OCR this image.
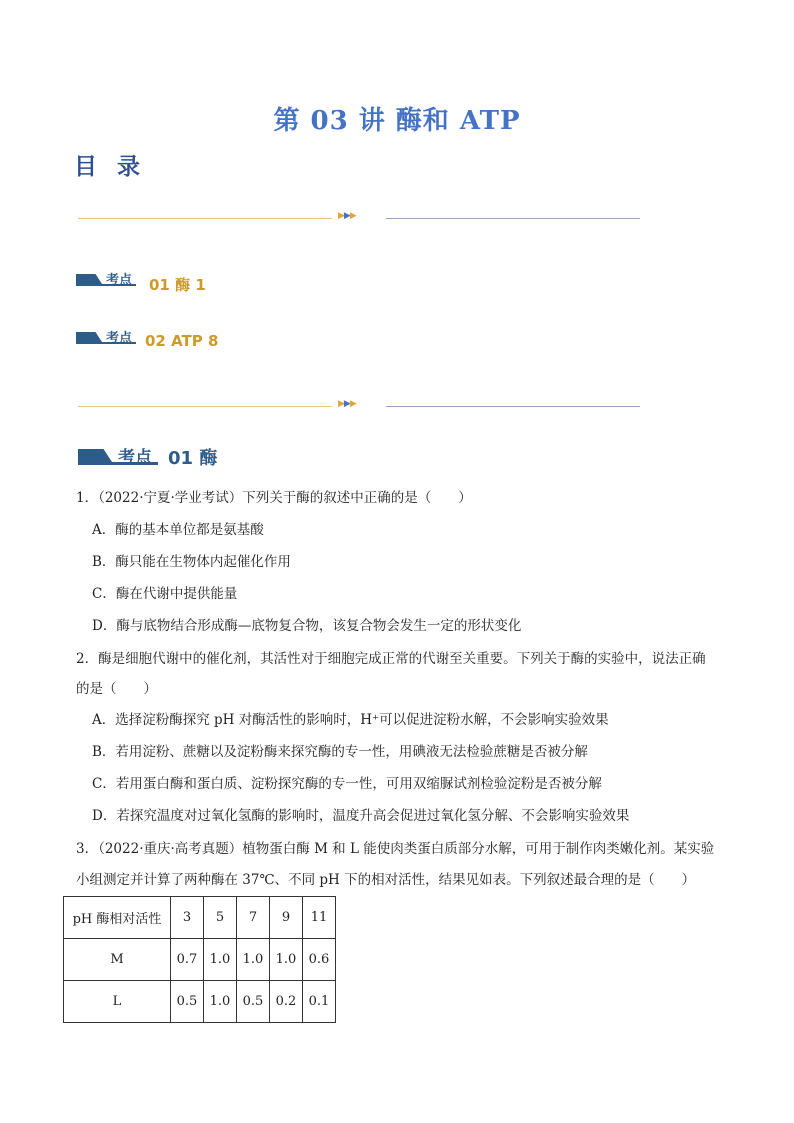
第 03 讲 酶和 ATP
目 录
▶▶▶
考点 01 酶 1
考点 02 ATP 8
▶▶▶
考点 01 酶
1．（2022·宁夏·学业考试）下列关于酶的叙述中正确的是（　　）
A．酶的基本单位都是氨基酸
B．酶只能在生物体内起催化作用
C．酶在代谢中提供能量
D．酶与底物结合形成酶—底物复合物，该复合物会发生一定的形状变化
2．酶是细胞代谢中的催化剂，其活性对于细胞完成正常的代谢至关重要。下列关于酶的实验中，说法正确
的是（　　）
A．选择淀粉酶探究 pH 对酶活性的影响时，H⁺可以促进淀粉水解，不会影响实验效果
B．若用淀粉、蔗糖以及淀粉酶来探究酶的专一性，用碘液无法检验蔗糖是否被分解
C．若用蛋白酶和蛋白质、淀粉探究酶的专一性，可用双缩脲试剂检验淀粉是否被分解
D．若探究温度对过氧化氢酶的影响时，温度升高会促进过氧化氢分解、不会影响实验效果
3．（2022·重庆·高考真题）植物蛋白酶 M 和 L 能使肉类蛋白质部分水解，可用于制作肉类嫩化剂。某实验
小组测定并计算了两种酶在 37℃、不同 pH 下的相对活性，结果见如表。下列叙述最合理的是（　　）
pH 酶相对活性	3	5	7	9	11
M	0.7	1.0	1.0	1.0	0.6
L	0.5	1.0	0.5	0.2	0.1
